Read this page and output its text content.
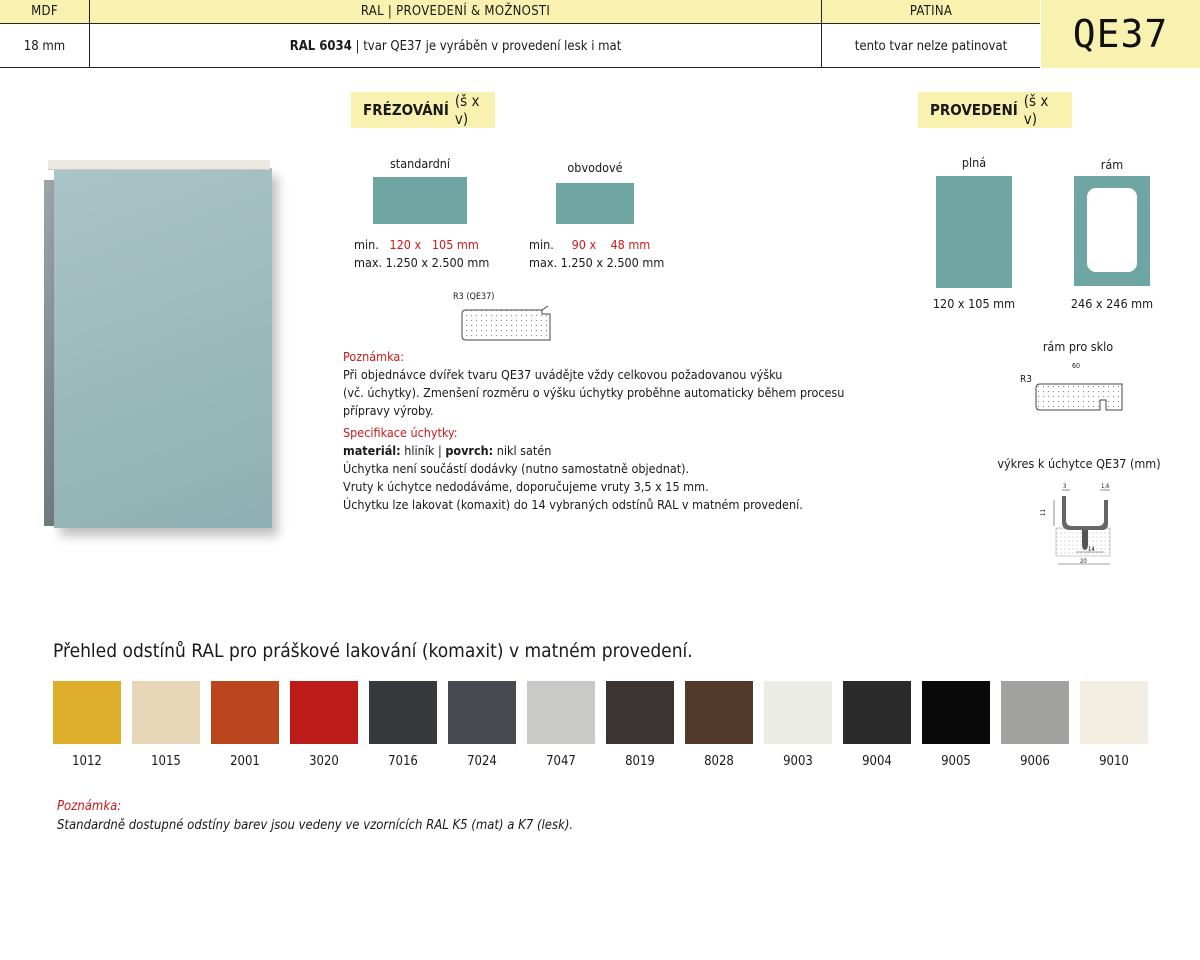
MDF	RAL | PROVEDENÍ & MOŽNOSTI	PATINA
18 mm	RAL 6034 | tvar QE37 je vyráběn v provedení lesk i mat	tento tvar nelze patinovat	QE37
FRÉZOVÁNÍ (š x v)
standardní
min. 120 x   105 mm
max. 1.250 x 2.500 mm
obvodové
min. 90 x    48 mm
max. 1.250 x 2.500 mm
R3 (QE37)
PROVEDENÍ (š x v)
plná
120 x 105 mm
rám
246 x 246 mm
rám pro sklo
R3
60
výkres k úchytce QE37 (mm)
3	1,6
11
14
20
Poznámka:
Při objednávce dvířek tvaru QE37 uvádějte vždy celkovou požadovanou výšku
(vč. úchytky). Zmenšení rozměru o výšku úchytky proběhne automaticky během procesu
přípravy výroby.
Specifikace úchytky:
materiál: hliník | povrch: nikl satén
Úchytka není součástí dodávky (nutno samostatně objednat).
Vruty k úchytce nedodáváme, doporučujeme vruty 3,5 x 15 mm.
Úchytku lze lakovat (komaxit) do 14 vybraných odstínů RAL v matném provedení.
Přehled odstínů RAL pro práškové lakování (komaxit) v matném provedení.
1012	1015	2001	3020	7016	7024	7047	8019	8028	9003	9004	9005	9006	9010
Poznámka:
Standardně dostupné odstíny barev jsou vedeny ve vzornících RAL K5 (mat) a K7 (lesk).
